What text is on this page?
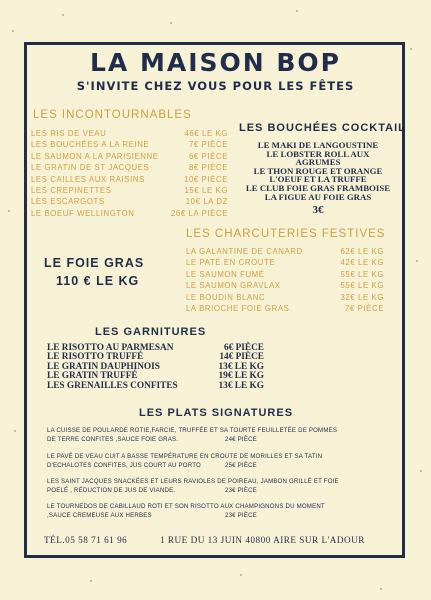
LA MAISON BOP
S'INVITE CHEZ VOUS POUR LES FÊTES
LES INCONTOURNABLES
LES RIS DE VEAU	46€ LE KG
LES BOUCHÉES A LA REINE	7€ PIÈCE
LE SAUMON A LA PARISIENNE	6€ PIÈCE
LE GRATIN DE ST JACQUES	8€ PIÈCE
LES CAILLES AUX RAISINS	10€ PIÈCE
LES CREPINETTES	15€ LE KG
LES ESCARGOTS	10€ LA DZ
LE BOEUF WELLINGTON	26€ LA PIÈCE
LES BOUCHÉES COCKTAIL
LE MAKI DE LANGOUSTINE
LE LOBSTER ROLL AUX
AGRUMES
LE THON ROUGE ET ORANGE
L'OEUF ET LA TRUFFE
LE CLUB FOIE GRAS FRAMBOISE
LA FIGUE AU FOIE GRAS
3€
LE FOIE GRAS
110 € LE KG
LES CHARCUTERIES FESTIVES
LA GALANTINE DE CANARD	62€ LE KG
LE PATÉ EN CROUTE	42€ LE KG
LE SAUMON FUMÉ	55€ LE KG
LE SAUMON GRAVLAX	55€ LE KG
LE BOUDIN BLANC	32€ LE KG
LA BRIOCHE FOIE GRAS	7€ PIÈCE
LES GARNITURES
LE RISOTTO AU PARMESAN	6€ PIÈCE
LE RISOTTO TRUFFÉ	14€ PIÈCE
LE GRATIN DAUPHINOIS	13€ LE KG
LE GRATIN TRUFFÉ	19€ LE KG
LES GRENAILLES CONFITES	13€ LE KG
LES PLATS SIGNATURES
LA CUISSE DE POULARDE ROTIE,FARCIE, TRUFFÉE ET SA TOURTE FEUILLETÉE DE POMMES
DE TERRE CONFITES ,SAUCE FOIE GRAS.	24€ PIÈCE
LE PAVÉ DE VEAU CUIT A BASSE TEMPÉRATURE EN CROUTE DE MORILLES ET SA TATIN
D'ECHALOTES CONFITES, JUS COURT AU PORTO	25€ PIÈCE
LES SAINT JACQUES SNACKÉES ET LEURS RAVIOLES DE POIREAU, JAMBON GRILLÉ ET FOIE
POELÉ , RÉDUCTION DE JUS DE VIANDE.	23€ PIÈCE
LE TOURNEDOS DE CABILLAUD ROTI ET SON RISOTTO AUX CHAMPIGNONS DU MOMENT
,SAUCE CREMEUSE AUX HERBES	23€ PIÈCE
TÉL.05 58 71 61 96	1 RUE DU 13 JUIN 40800 AIRE SUR L'ADOUR
